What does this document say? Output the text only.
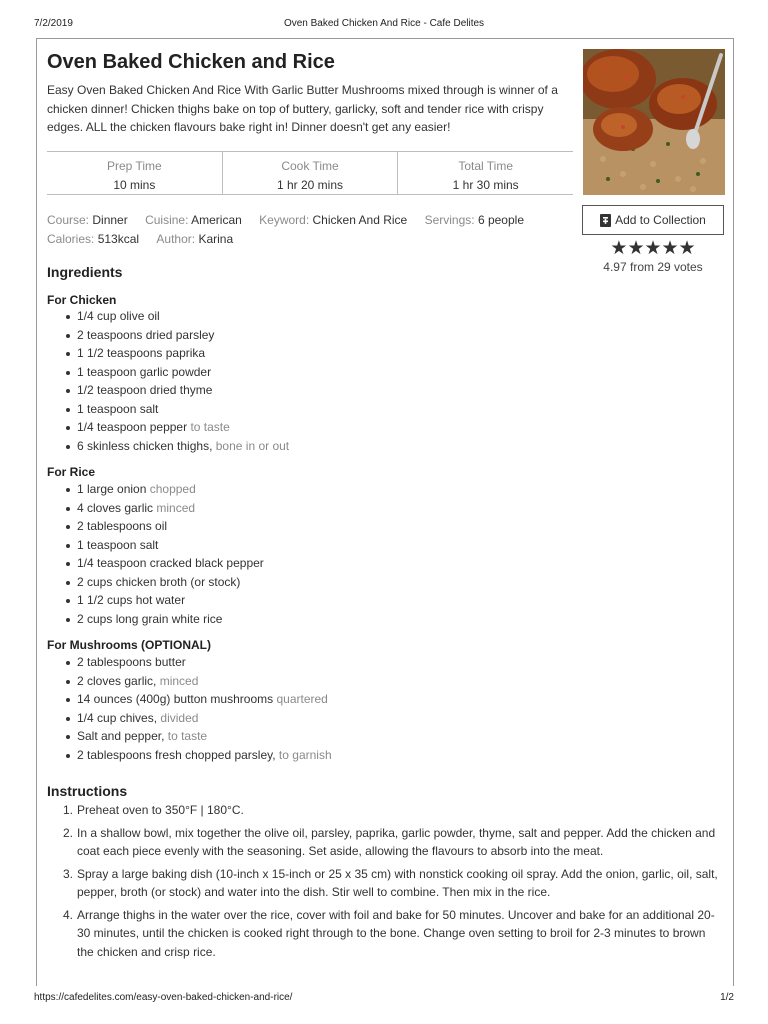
7/2/2019	Oven Baked Chicken And Rice - Cafe Delites
Oven Baked Chicken and Rice
Easy Oven Baked Chicken And Rice With Garlic Butter Mushrooms mixed through is winner of a chicken dinner! Chicken thighs bake on top of buttery, garlicky, soft and tender rice with crispy edges. ALL the chicken flavours bake right in! Dinner doesn't get any easier!
Prep Time
10 mins
Cook Time
1 hr 20 mins
Total Time
1 hr 30 mins
Course: Dinner Cuisine: American Keyword: Chicken And Rice Servings: 6 people Calories: 513kcal Author: Karina
Add to Collection
★★★★★
4.97 from 29 votes
Ingredients
For Chicken
1/4 cup olive oil
2 teaspoons dried parsley
1 1/2 teaspoons paprika
1 teaspoon garlic powder
1/2 teaspoon dried thyme
1 teaspoon salt
1/4 teaspoon pepper to taste
6 skinless chicken thighs, bone in or out
For Rice
1 large onion chopped
4 cloves garlic minced
2 tablespoons oil
1 teaspoon salt
1/4 teaspoon cracked black pepper
2 cups chicken broth (or stock)
1 1/2 cups hot water
2 cups long grain white rice
For Mushrooms (OPTIONAL)
2 tablespoons butter
2 cloves garlic, minced
14 ounces (400g) button mushrooms quartered
1/4 cup chives, divided
Salt and pepper, to taste
2 tablespoons fresh chopped parsley, to garnish
Instructions
1. Preheat oven to 350°F | 180°C.
2. In a shallow bowl, mix together the olive oil, parsley, paprika, garlic powder, thyme, salt and pepper. Add the chicken and coat each piece evenly with the seasoning. Set aside, allowing the flavours to absorb into the meat.
3. Spray a large baking dish (10-inch x 15-inch or 25 x 35 cm) with nonstick cooking oil spray. Add the onion, garlic, oil, salt, pepper, broth (or stock) and water into the dish. Stir well to combine. Then mix in the rice.
4. Arrange thighs in the water over the rice, cover with foil and bake for 50 minutes. Uncover and bake for an additional 20-30 minutes, until the chicken is cooked right through to the bone. Change oven setting to broil for 2-3 minutes to brown the chicken and crisp rice.
https://cafedelites.com/easy-oven-baked-chicken-and-rice/	1/2
